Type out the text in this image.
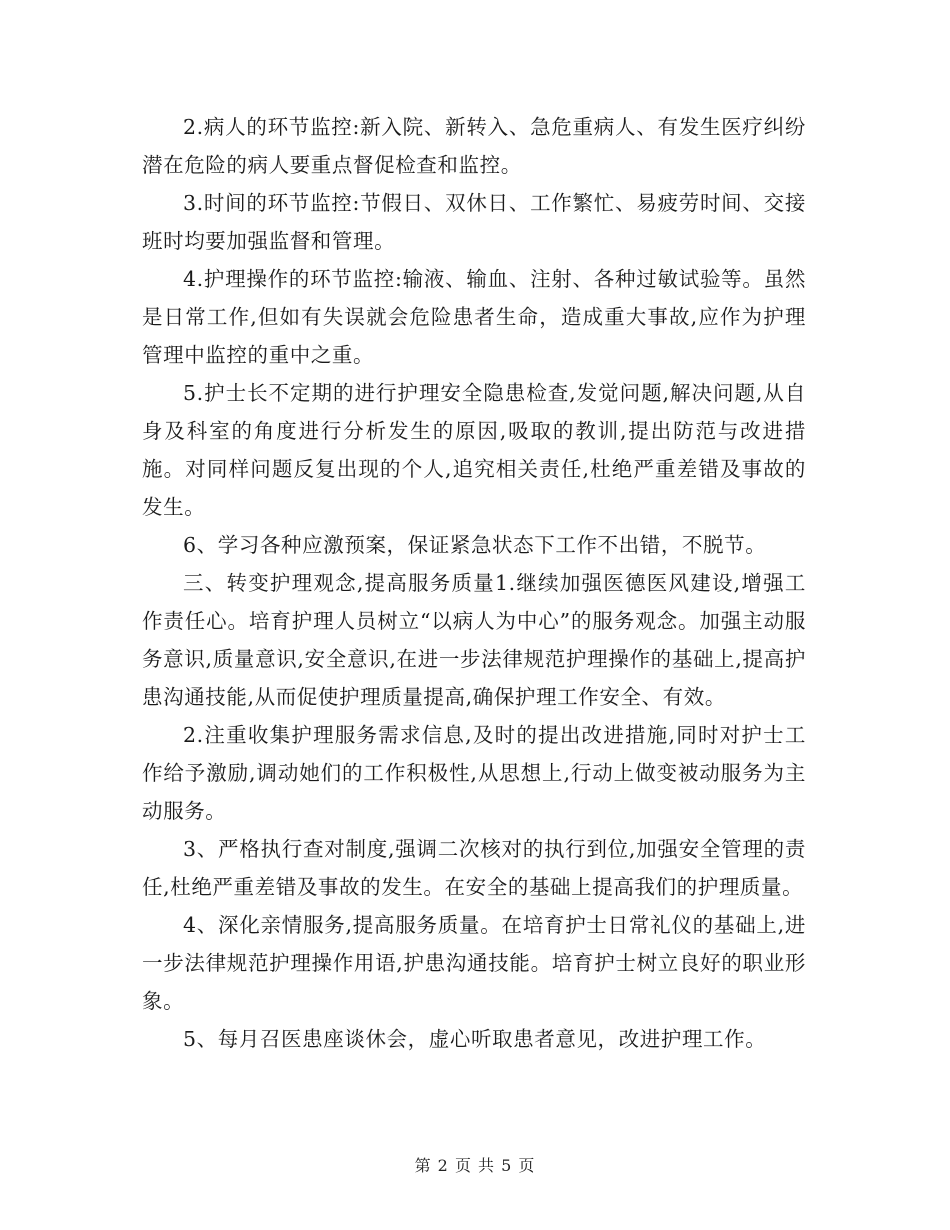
2.病人的环节监控:新入院、新转入、急危重病人、有发生医疗纠纷潜在危险的病人要重点督促检查和监控。

3.时间的环节监控:节假日、双休日、工作繁忙、易疲劳时间、交接班时均要加强监督和管理。

4.护理操作的环节监控:输液、输血、注射、各种过敏试验等。虽然是日常工作,但如有失误就会危险患者生命，造成重大事故,应作为护理管理中监控的重中之重。

5.护士长不定期的进行护理安全隐患检查,发觉问题,解决问题,从自身及科室的角度进行分析发生的原因,吸取的教训,提出防范与改进措施。对同样问题反复出现的个人,追究相关责任,杜绝严重差错及事故的发生。

6、学习各种应激预案，保证紧急状态下工作不出错，不脱节。

三、转变护理观念,提高服务质量1.继续加强医德医风建设,增强工作责任心。培育护理人员树立“以病人为中心”的服务观念。加强主动服务意识,质量意识,安全意识,在进一步法律规范护理操作的基础上,提高护患沟通技能,从而促使护理质量提高,确保护理工作安全、有效。

2.注重收集护理服务需求信息,及时的提出改进措施,同时对护士工作给予激励,调动她们的工作积极性,从思想上,行动上做变被动服务为主动服务。

3、严格执行查对制度,强调二次核对的执行到位,加强安全管理的责任,杜绝严重差错及事故的发生。在安全的基础上提高我们的护理质量。

4、深化亲情服务,提高服务质量。在培育护士日常礼仪的基础上,进一步法律规范护理操作用语,护患沟通技能。培育护士树立良好的职业形象。

5、每月召医患座谈休会，虚心听取患者意见，改进护理工作。

第 2 页 共 5 页
